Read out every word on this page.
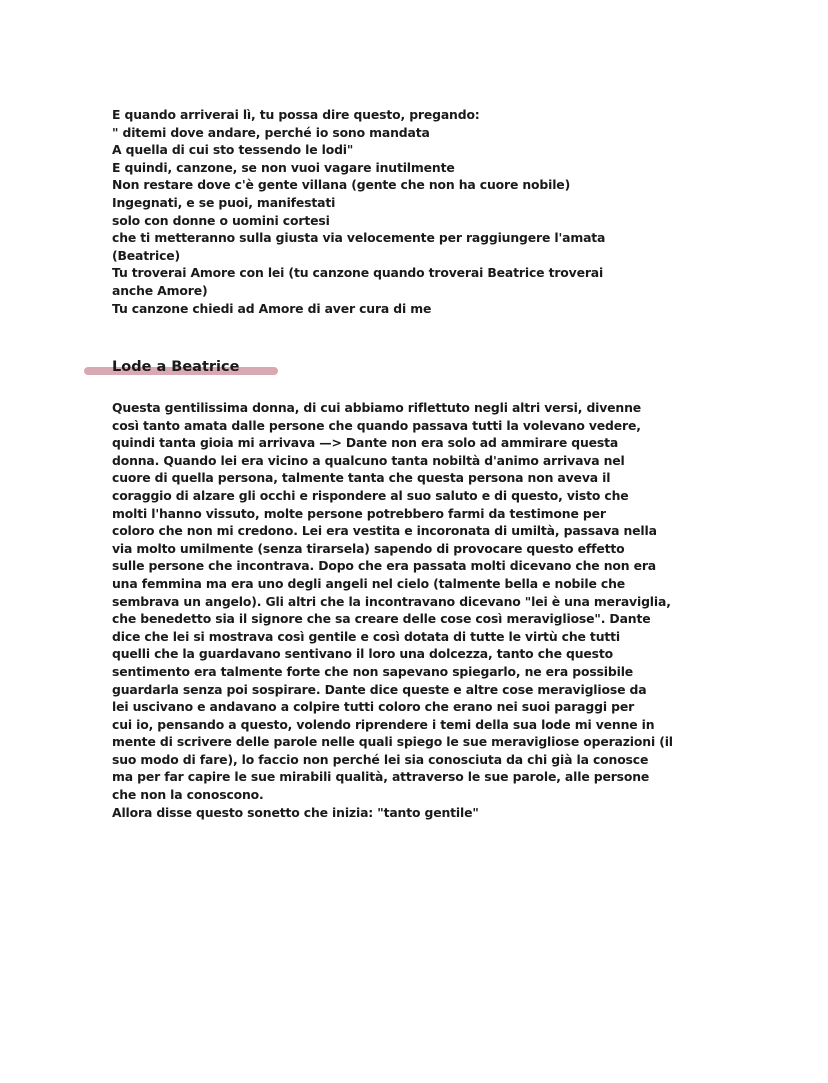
E quando arriverai lì, tu possa dire questo, pregando:
" ditemi dove andare, perché io sono mandata
A quella di cui sto tessendo le lodi"
E quindi, canzone, se non vuoi vagare inutilmente
Non restare dove c'è gente villana (gente che non ha cuore nobile)
Ingegnati, e se puoi, manifestati
solo con donne o uomini cortesi
che ti metteranno sulla giusta via velocemente per raggiungere l'amata
(Beatrice)
Tu troverai Amore con lei (tu canzone quando troverai Beatrice troverai
anche Amore)
Tu canzone chiedi ad Amore di aver cura di me
Lode a Beatrice
Questa gentilissima donna, di cui abbiamo riflettuto negli altri versi, divenne
così tanto amata dalle persone che quando passava tutti la volevano vedere,
quindi tanta gioia mi arrivava —> Dante non era solo ad ammirare questa
donna. Quando lei era vicino a qualcuno tanta nobiltà d'animo arrivava nel
cuore di quella persona, talmente tanta che questa persona non aveva il
coraggio di alzare gli occhi e rispondere al suo saluto e di questo, visto che
molti l'hanno vissuto, molte persone potrebbero farmi da testimone per
coloro che non mi credono. Lei era vestita e incoronata di umiltà, passava nella
via molto umilmente (senza tirarsela) sapendo di provocare questo effetto
sulle persone che incontrava. Dopo che era passata molti dicevano che non era
una femmina ma era uno degli angeli nel cielo (talmente bella e nobile che
sembrava un angelo). Gli altri che la incontravano dicevano "lei è una meraviglia,
che benedetto sia il signore che sa creare delle cose così meravigliose". Dante
dice che lei si mostrava così gentile e così dotata di tutte le virtù che tutti
quelli che la guardavano sentivano il loro una dolcezza, tanto che questo
sentimento era talmente forte che non sapevano spiegarlo, ne era possibile
guardarla senza poi sospirare. Dante dice queste e altre cose meravigliose da
lei uscivano e andavano a colpire tutti coloro che erano nei suoi paraggi per
cui io, pensando a questo, volendo riprendere i temi della sua lode mi venne in
mente di scrivere delle parole nelle quali spiego le sue meravigliose operazioni (il
suo modo di fare), lo faccio non perché lei sia conosciuta da chi già la conosce
ma per far capire le sue mirabili qualità, attraverso le sue parole, alle persone
che non la conoscono.
Allora disse questo sonetto che inizia: "tanto gentile"
